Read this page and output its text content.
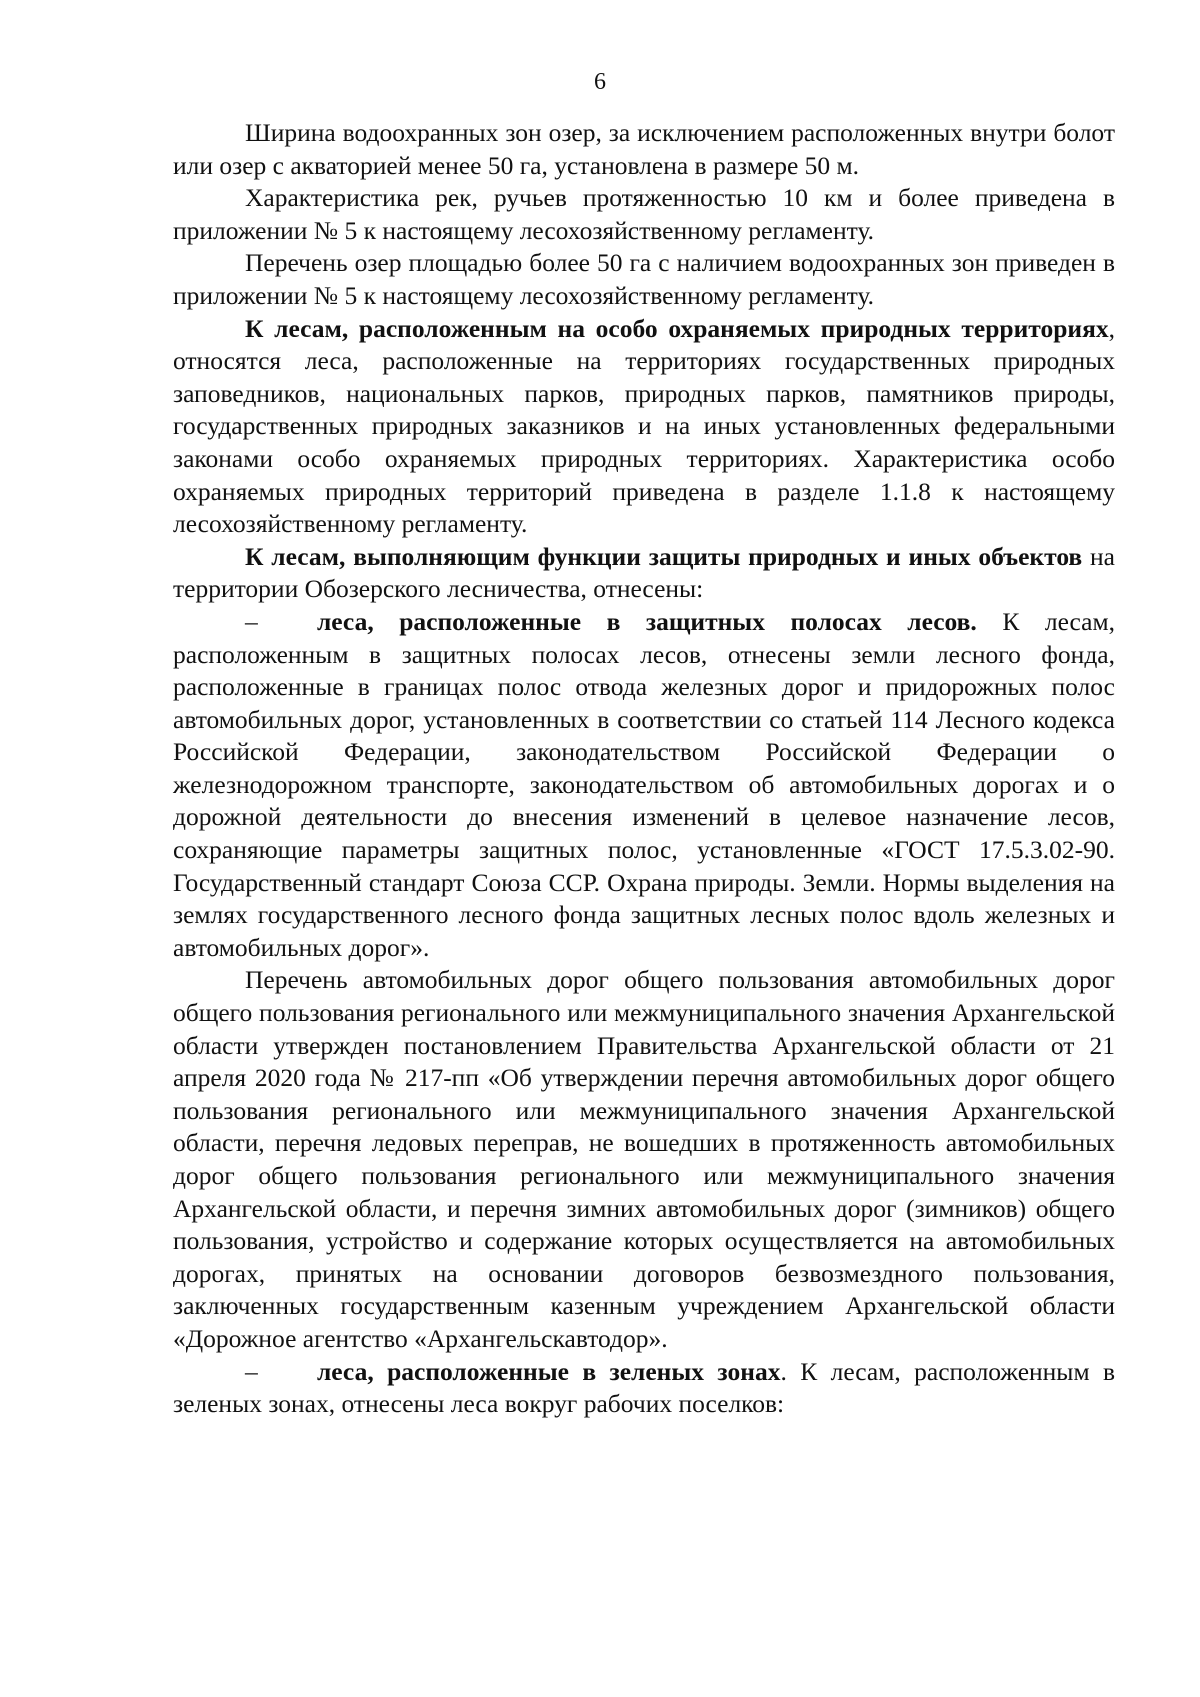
6

Ширина водоохранных зон озер, за исключением расположенных внутри болот или озер с акваторией менее 50 га, установлена в размере 50 м.

Характеристика рек, ручьев протяженностью 10 км и более приведена в приложении № 5 к настоящему лесохозяйственному регламенту.

Перечень озер площадью более 50 га с наличием водоохранных зон приведен в приложении № 5 к настоящему лесохозяйственному регламенту.

К лесам, расположенным на особо охраняемых природных территориях, относятся леса, расположенные на территориях государственных природных заповедников, национальных парков, природных парков, памятников природы, государственных природных заказников и на иных установленных федеральными законами особо охраняемых природных территориях. Характеристика особо охраняемых природных территорий приведена в разделе 1.1.8 к настоящему лесохозяйственному регламенту.

К лесам, выполняющим функции защиты природных и иных объектов на территории Обозерского лесничества, отнесены:

– леса, расположенные в защитных полосах лесов. К лесам, расположенным в защитных полосах лесов, отнесены земли лесного фонда, расположенные в границах полос отвода железных дорог и придорожных полос автомобильных дорог, установленных в соответствии со статьей 114 Лесного кодекса Российской Федерации, законодательством Российской Федерации о железнодорожном транспорте, законодательством об автомобильных дорогах и о дорожной деятельности до внесения изменений в целевое назначение лесов, сохраняющие параметры защитных полос, установленные «ГОСТ 17.5.3.02-90. Государственный стандарт Союза ССР. Охрана природы. Земли. Нормы выделения на землях государственного лесного фонда защитных лесных полос вдоль железных и автомобильных дорог».

Перечень автомобильных дорог общего пользования автомобильных дорог общего пользования регионального или межмуниципального значения Архангельской области утвержден постановлением Правительства Архангельской области от 21 апреля 2020 года № 217-пп «Об утверждении перечня автомобильных дорог общего пользования регионального или межмуниципального значения Архангельской области, перечня ледовых переправ, не вошедших в протяженность автомобильных дорог общего пользования регионального или межмуниципального значения Архангельской области, и перечня зимних автомобильных дорог (зимников) общего пользования, устройство и содержание которых осуществляется на автомобильных дорогах, принятых на основании договоров безвозмездного пользования, заключенных государственным казенным учреждением Архангельской области «Дорожное агентство «Архангельскавтодор».

– леса, расположенные в зеленых зонах. К лесам, расположенным в зеленых зонах, отнесены леса вокруг рабочих поселков:
